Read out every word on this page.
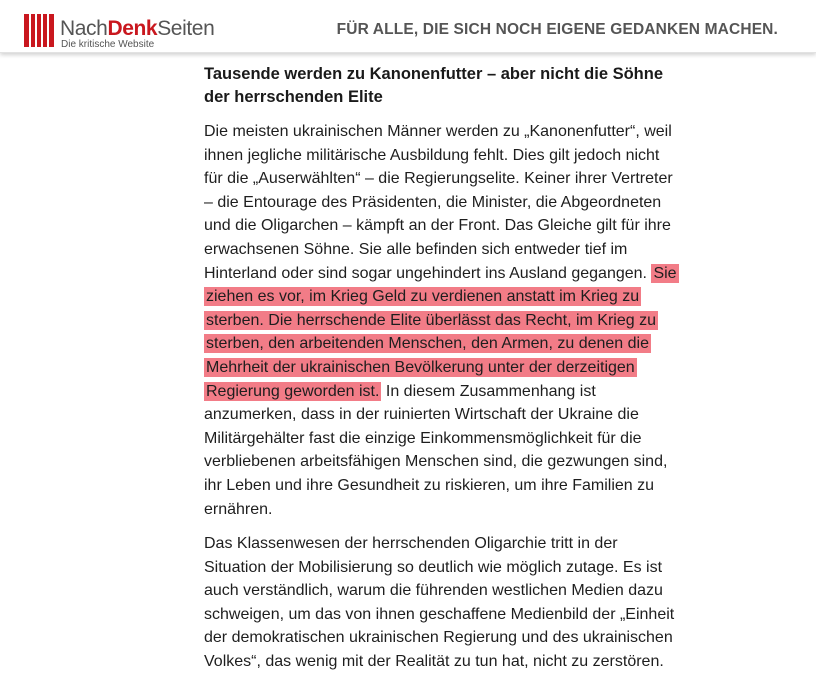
NachDenkSeiten
Die kritische Website
FÜR ALLE, DIE SICH NOCH EIGENE GEDANKEN MACHEN.
Tausende werden zu Kanonenfutter – aber nicht die Söhne der herrschenden Elite

Die meisten ukrainischen Männer werden zu „Kanonenfutter“, weil ihnen jegliche militärische Ausbildung fehlt. Dies gilt jedoch nicht für die „Auserwählten“ – die Regierungselite. Keiner ihrer Vertreter – die Entourage des Präsidenten, die Minister, die Abgeordneten und die Oligarchen – kämpft an der Front. Das Gleiche gilt für ihre erwachsenen Söhne. Sie alle befinden sich entweder tief im Hinterland oder sind sogar ungehindert ins Ausland gegangen. Sie ziehen es vor, im Krieg Geld zu verdienen anstatt im Krieg zu sterben. Die herrschende Elite überlässt das Recht, im Krieg zu sterben, den arbeitenden Menschen, den Armen, zu denen die Mehrheit der ukrainischen Bevölkerung unter der derzeitigen Regierung geworden ist. In diesem Zusammenhang ist anzumerken, dass in der ruinierten Wirtschaft der Ukraine die Militärgehälter fast die einzige Einkommensmöglichkeit für die verbliebenen arbeitsfähigen Menschen sind, die gezwungen sind, ihr Leben und ihre Gesundheit zu riskieren, um ihre Familien zu ernähren.

Das Klassenwesen der herrschenden Oligarchie tritt in der Situation der Mobilisierung so deutlich wie möglich zutage. Es ist auch verständlich, warum die führenden westlichen Medien dazu schweigen, um das von ihnen geschaffene Medienbild der „Einheit der demokratischen ukrainischen Regierung und des ukrainischen Volkes“, das wenig mit der Realität zu tun hat, nicht zu zerstören.
